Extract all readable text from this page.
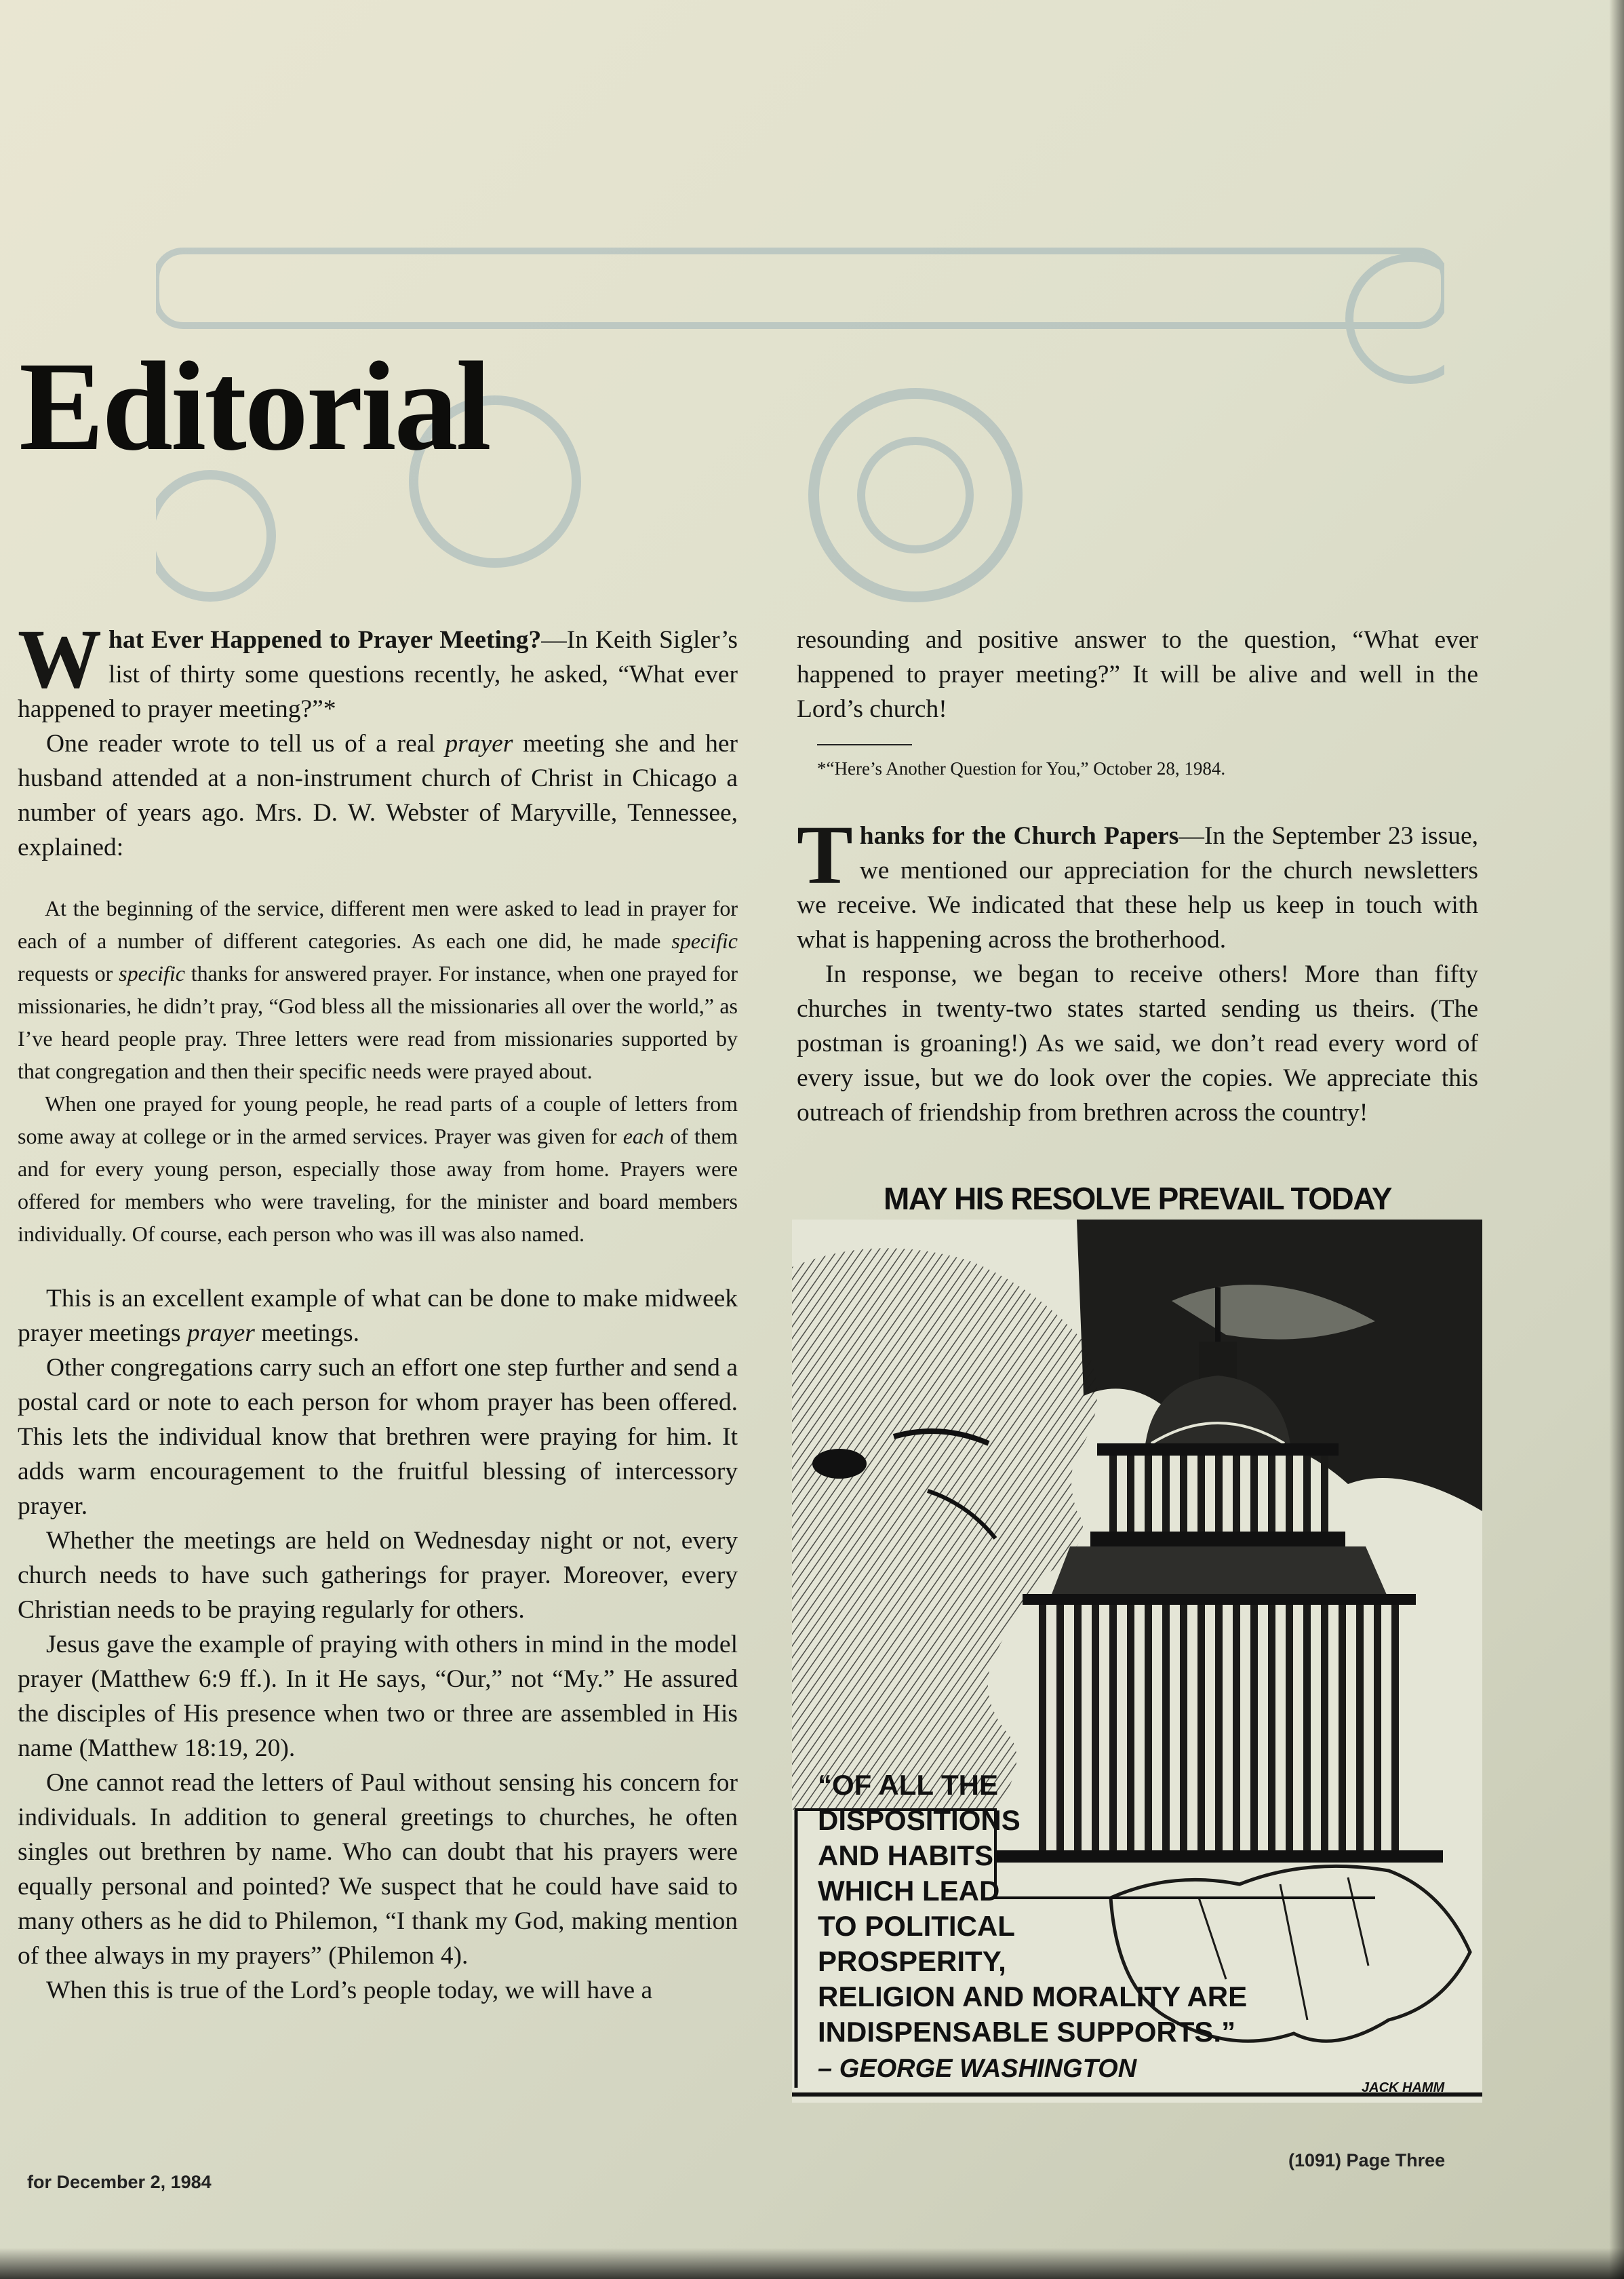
Editorial

What Ever Happened to Prayer Meeting?—In Keith Sigler’s list of thirty some questions recently, he asked, “What ever happened to prayer meeting?”*

One reader wrote to tell us of a real prayer meeting she and her husband attended at a non-instrument church of Christ in Chicago a number of years ago. Mrs. D. W. Webster of Maryville, Tennessee, explained:

At the beginning of the service, different men were asked to lead in prayer for each of a number of different categories. As each one did, he made specific requests or specific thanks for answered prayer. For instance, when one prayed for missionaries, he didn’t pray, “God bless all the missionaries all over the world,” as I’ve heard people pray. Three letters were read from missionaries supported by that congregation and then their specific needs were prayed about.

When one prayed for young people, he read parts of a couple of letters from some away at college or in the armed services. Prayer was given for each of them and for every young person, especially those away from home. Prayers were offered for members who were traveling, for the minister and board members individually. Of course, each person who was ill was also named.

This is an excellent example of what can be done to make midweek prayer meetings prayer meetings.

Other congregations carry such an effort one step further and send a postal card or note to each person for whom prayer has been offered. This lets the individual know that brethren were praying for him. It adds warm encouragement to the fruitful blessing of intercessory prayer.

Whether the meetings are held on Wednesday night or not, every church needs to have such gatherings for prayer. Moreover, every Christian needs to be praying regularly for others.

Jesus gave the example of praying with others in mind in the model prayer (Matthew 6:9 ff.). In it He says, “Our,” not “My.” He assured the disciples of His presence when two or three are assembled in His name (Matthew 18:19, 20).

One cannot read the letters of Paul without sensing his concern for individuals. In addition to general greetings to churches, he often singles out brethren by name. Who can doubt that his prayers were equally personal and pointed? We suspect that he could have said to many others as he did to Philemon, “I thank my God, making mention of thee always in my prayers” (Philemon 4).

When this is true of the Lord’s people today, we will have a

resounding and positive answer to the question, “What ever happened to prayer meeting?” It will be alive and well in the Lord’s church!

*“Here’s Another Question for You,” October 28, 1984.

Thanks for the Church Papers—In the September 23 issue, we mentioned our appreciation for the church newsletters we receive. We indicated that these help us keep in touch with what is happening across the brotherhood.

In response, we began to receive others! More than fifty churches in twenty-two states started sending us theirs. (The postman is groaning!) As we said, we don’t read every word of every issue, but we do look over the copies. We appreciate this outreach of friendship from brethren across the country!

MAY HIS RESOLVE PREVAIL TODAY
“OF ALL THE
DISPOSITIONS
AND HABITS
WHICH LEAD
TO POLITICAL
PROSPERITY,
RELIGION AND MORALITY ARE
INDISPENSABLE SUPPORTS.”
– GEORGE WASHINGTON
JACK HAMM
for December 2, 1984
(1091) Page Three
